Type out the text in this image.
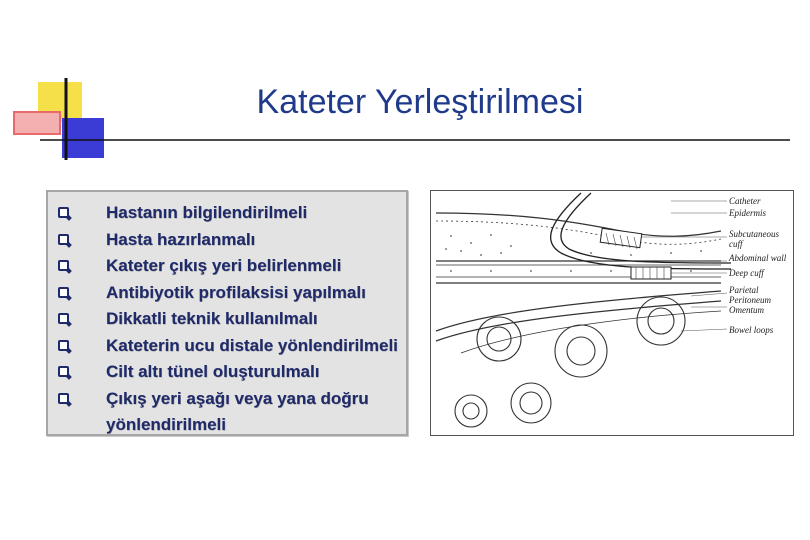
Kateter Yerleştirilmesi
Hastanın bilgilendirilmeli
Hasta hazırlanmalı
Kateter çıkış yeri belirlenmeli
Antibiyotik profilaksisi yapılmalı
Dikkatli teknik kullanılmalı
Kateterin ucu distale yönlendirilmeli
Cilt altı tünel oluşturulmalı
Çıkış yeri aşağı veya yana doğru yönlendirilmeli
Catheter
Epidermis
Subcutaneous
cuff
Abdominal wall
Deep cuff
Parietal
Peritoneum
Omentum
Bowel loops
